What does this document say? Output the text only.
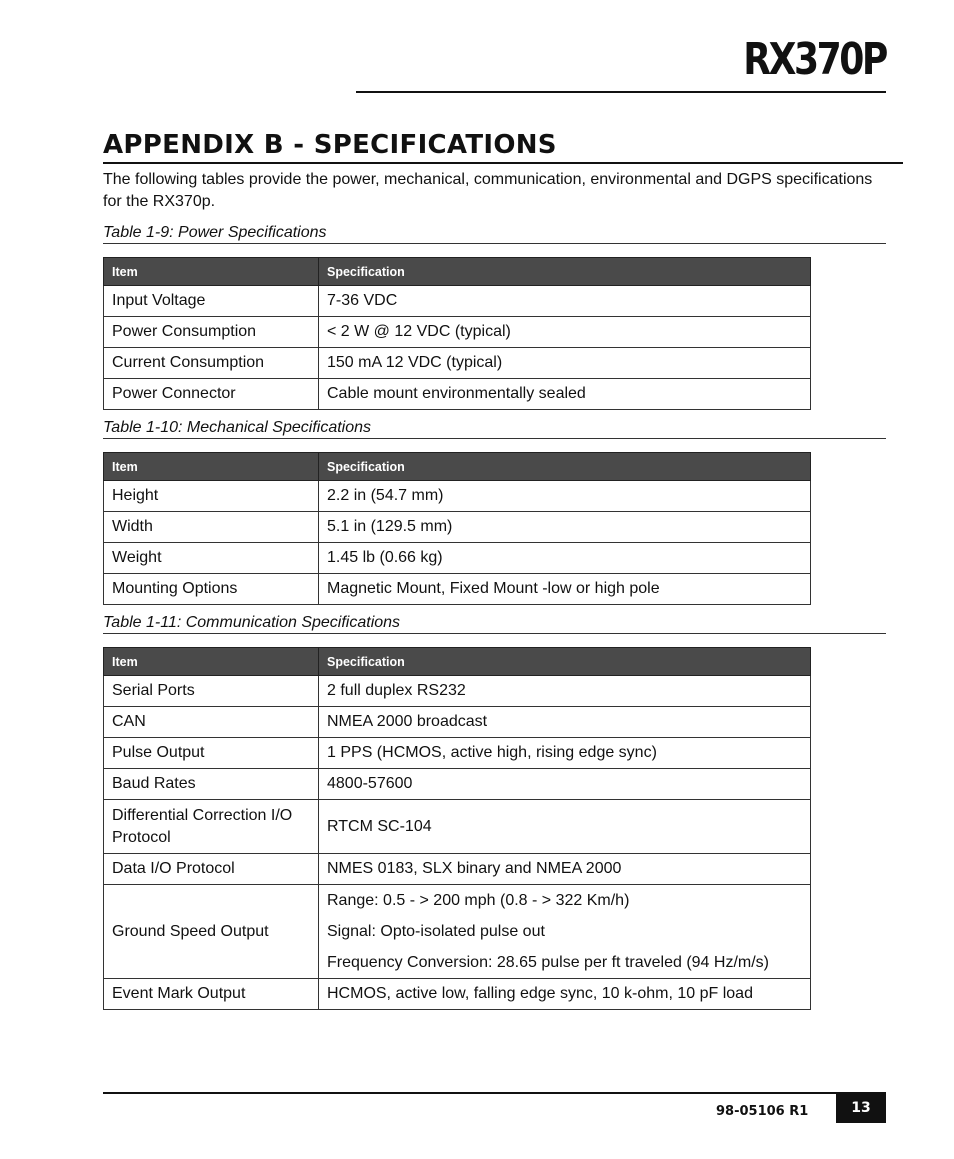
RX370P
APPENDIX B - SPECIFICATIONS
The following tables provide the power, mechanical, communication, environmental and DGPS specifications for the RX370p.
Table 1-9: Power Specifications
Item	Specification
Input Voltage	7-36 VDC
Power Consumption	< 2 W @ 12 VDC (typical)
Current Consumption	150 mA 12 VDC (typical)
Power Connector	Cable mount environmentally sealed
Table 1-10: Mechanical Specifications
Item	Specification
Height	2.2 in (54.7 mm)
Width	5.1 in (129.5 mm)
Weight	1.45 lb (0.66 kg)
Mounting Options	Magnetic Mount, Fixed Mount -low or high pole
Table 1-11: Communication Specifications
Item	Specification
Serial Ports	2 full duplex RS232
CAN	NMEA 2000 broadcast
Pulse Output	1 PPS (HCMOS, active high, rising edge sync)
Baud Rates	4800-57600
Differential Correction I/O Protocol	RTCM SC-104
Data I/O Protocol	NMES 0183, SLX binary and NMEA 2000
Ground Speed Output	Range: 0.5 - > 200 mph (0.8 - > 322 Km/h)
Signal: Opto-isolated pulse out
Frequency Conversion: 28.65 pulse per ft traveled (94 Hz/m/s)

Event Mark Output	HCMOS, active low, falling edge sync, 10 k-ohm, 10 pF load
98-05106 R1	13
